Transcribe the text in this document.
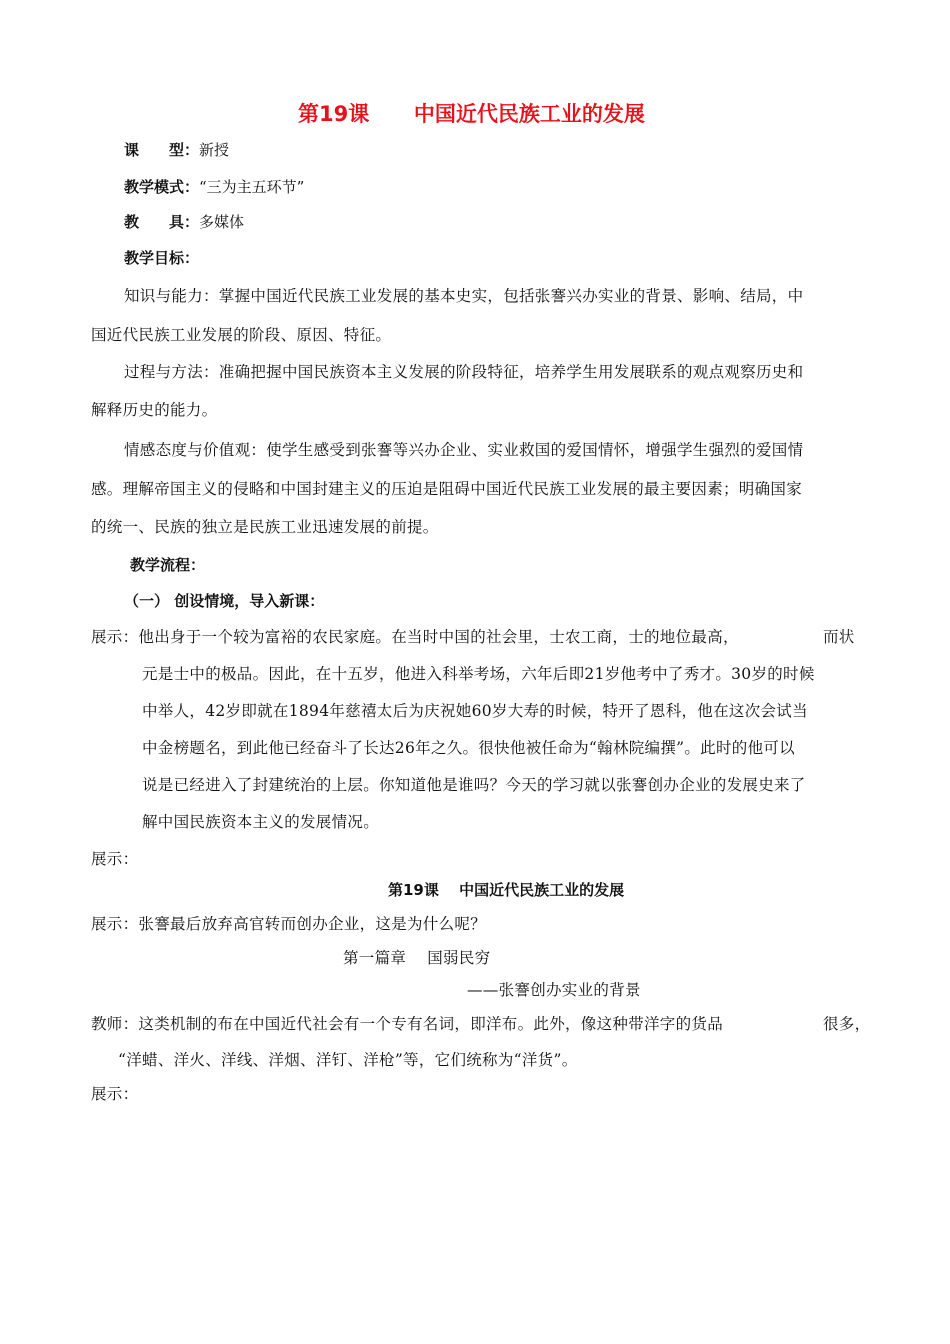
第19课 中国近代民族工业的发展
课　　型：新授
教学模式：“三为主五环节”
教　　具：多媒体
教学目标：
知识与能力：掌握中国近代民族工业发展的基本史实，包括张謇兴办实业的背景、影响、结局，中
国近代民族工业发展的阶段、原因、特征。
过程与方法：准确把握中国民族资本主义发展的阶段特征，培养学生用发展联系的观点观察历史和
解释历史的能力。
情感态度与价值观：使学生感受到张謇等兴办企业、实业救国的爱国情怀，增强学生强烈的爱国情
感。理解帝国主义的侵略和中国封建主义的压迫是阻碍中国近代民族工业发展的最主要因素；明确国家
的统一、民族的独立是民族工业迅速发展的前提。
教学流程：
（一） 创设情境，导入新课：
展示：他出身于一个较为富裕的农民家庭。在当时中国的社会里，士农工商，士的地位最高，	而状
元是士中的极品。因此，在十五岁，他进入科举考场，六年后即21岁他考中了秀才。30岁的时候
中举人，42岁即就在1894年慈禧太后为庆祝她60岁大寿的时候，特开了恩科，他在这次会试当
中金榜题名，到此他已经奋斗了长达26年之久。很快他被任命为“翰林院编撰”。此时的他可以
说是已经进入了封建统治的上层。你知道他是谁吗？今天的学习就以张謇创办企业的发展史来了
解中国民族资本主义的发展情况。
展示：
第19课　 中国近代民族工业的发展
展示：张謇最后放弃高官转而创办企业，这是为什么呢？
第一篇章　 国弱民穷
——张謇创办实业的背景
教师：这类机制的布在中国近代社会有一个专有名词，即洋布。此外，像这种带洋字的货品	很多，
“洋蜡、洋火、洋线、洋烟、洋钉、洋枪”等，它们统称为“洋货”。
展示：
